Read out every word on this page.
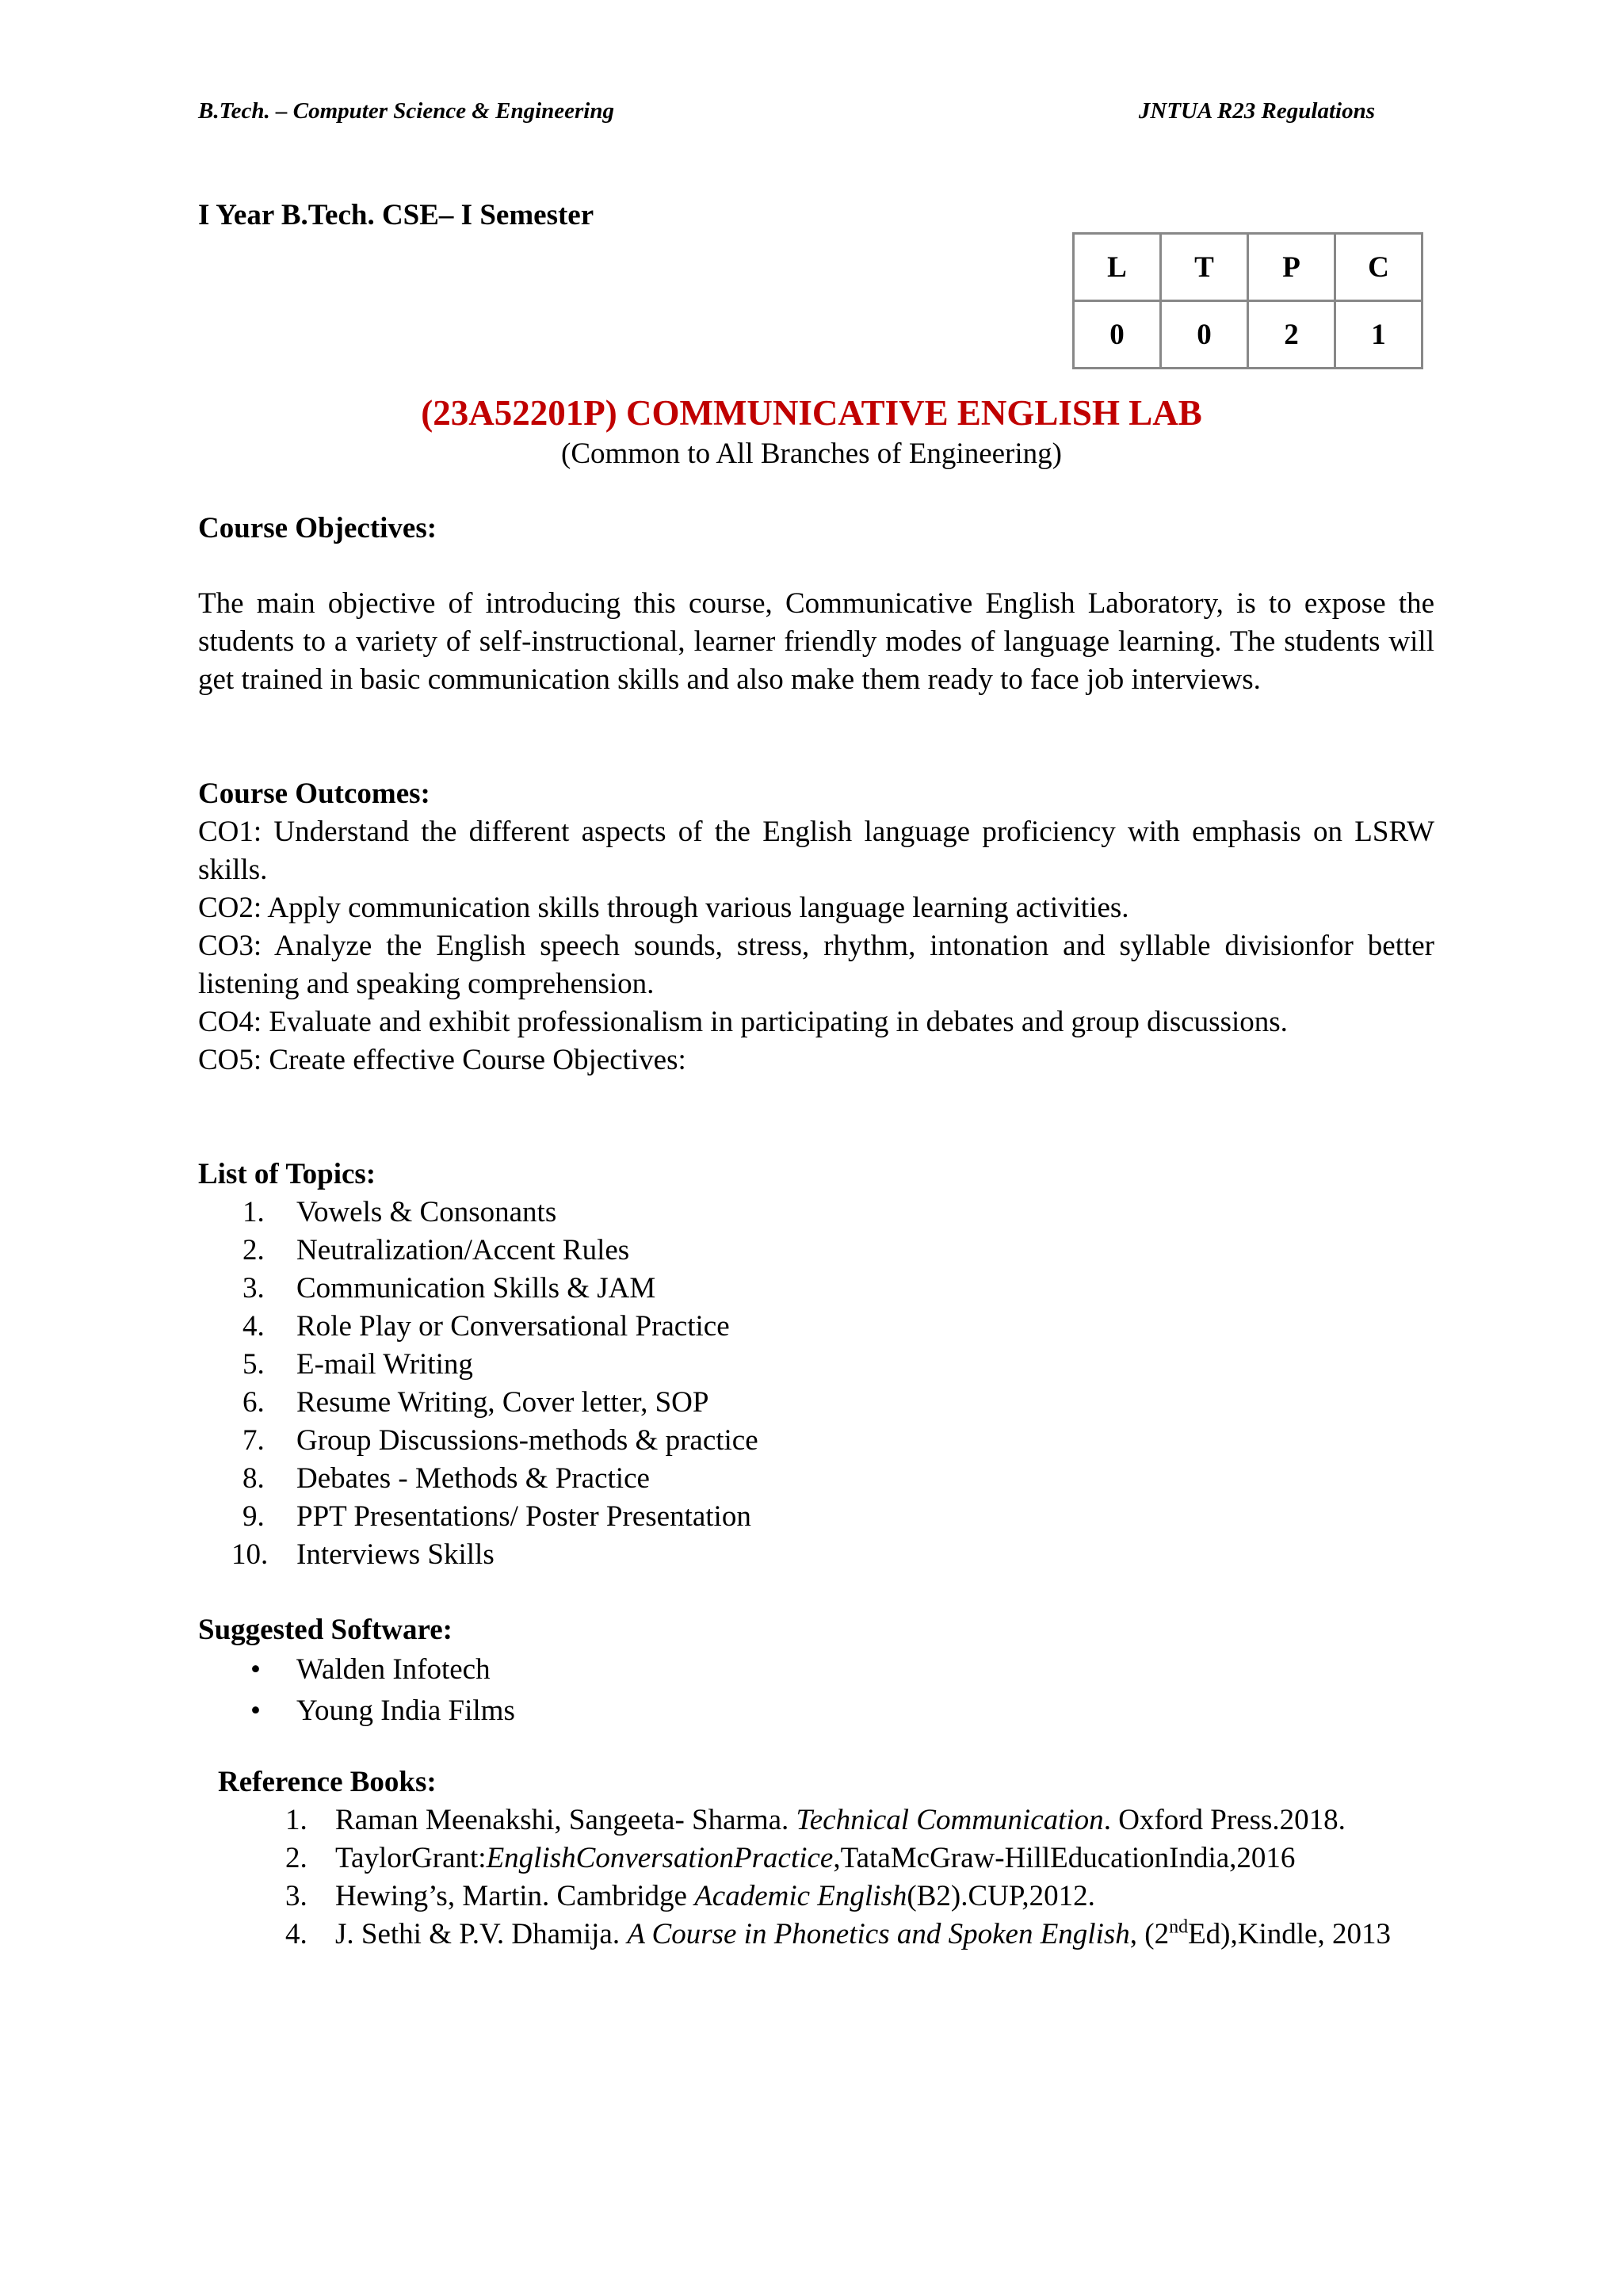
B.Tech. – Computer Science & Engineering	JNTUA R23 Regulations
I Year B.Tech. CSE– I Semester
L	T	P	C
0	0	2	1
(23A52201P) COMMUNICATIVE ENGLISH LAB
(Common to All Branches of Engineering)
Course Objectives:
The main objective of introducing this course, Communicative English Laboratory, is to expose the students to a variety of self-instructional, learner friendly modes of language learning. The students will get trained in basic communication skills and also make them ready to face job interviews.
Course Outcomes:
CO1: Understand the different aspects of the English language proficiency with emphasis on LSRW skills.
CO2: Apply communication skills through various language learning activities.
CO3: Analyze the English speech sounds, stress, rhythm, intonation and syllable divisionfor better listening and speaking comprehension.
CO4: Evaluate and exhibit professionalism in participating in debates and group discussions.
CO5: Create effective Course Objectives:
List of Topics:
1. Vowels & Consonants
2. Neutralization/Accent Rules
3. Communication Skills & JAM
4. Role Play or Conversational Practice
5. E-mail Writing
6. Resume Writing, Cover letter, SOP
7. Group Discussions-methods & practice
8. Debates - Methods & Practice
9. PPT Presentations/ Poster Presentation
10. Interviews Skills
Suggested Software:
• Walden Infotech
• Young India Films
Reference Books:
1. Raman Meenakshi, Sangeeta- Sharma. Technical Communication. Oxford Press.2018.
2. TaylorGrant:EnglishConversationPractice,TataMcGraw-HillEducationIndia,2016
3. Hewing’s, Martin. Cambridge Academic English(B2).CUP,2012.
4. J. Sethi & P.V. Dhamija. A Course in Phonetics and Spoken English, (2ndEd),Kindle, 2013
